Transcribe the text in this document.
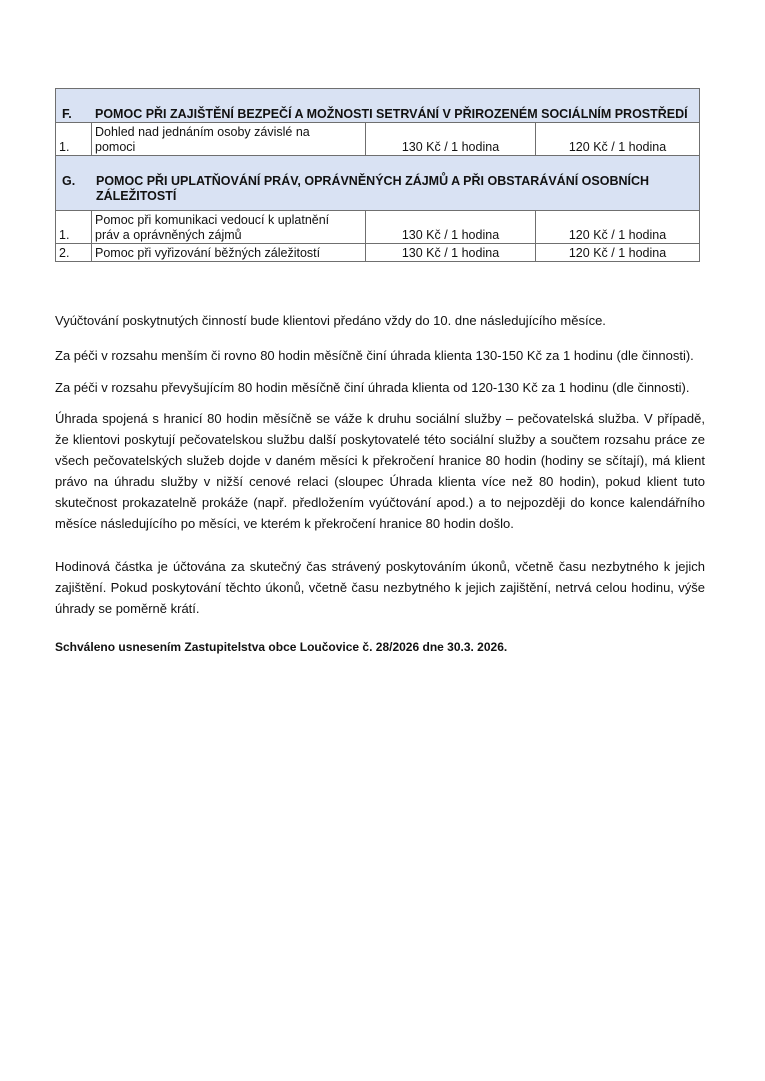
F. POMOC PŘI ZAJIŠTĚNÍ BEZPEČÍ A MOŽNOSTI SETRVÁNÍ V PŘIROZENÉM SOCIÁLNÍM PROSTŘEDÍ			

1.	Dohled nad jednáním osoby závislé na
pomoci	130 Kč / 1 hodina	120 Kč / 1 hodina

G. POMOC PŘI UPLATŇOVÁNÍ PRÁV, OPRÁVNĚNÝCH ZÁJMŮ A PŘI OBSTARÁVÁNÍ OSOBNÍCH ZÁLEŽITOSTÍ			

1.	Pomoc při komunikaci vedoucí k uplatnění
práv a oprávněných zájmů	130 Kč / 1 hodina	120 Kč / 1 hodina
2.	Pomoc při vyřizování běžných záležitostí	130 Kč / 1 hodina	120 Kč / 1 hodina

Vyúčtování poskytnutých činností bude klientovi předáno vždy do 10. dne následujícího měsíce.

Za péči v rozsahu menším či rovno 80 hodin měsíčně činí úhrada klienta 130-150 Kč za 1 hodinu (dle činnosti).

Za péči v rozsahu převyšujícím 80 hodin měsíčně činí úhrada klienta od 120-130 Kč za 1 hodinu (dle činnosti).

Úhrada spojená s hranicí 80 hodin měsíčně se váže k druhu sociální služby – pečovatelská služba. V případě, že klientovi poskytují pečovatelskou službu další poskytovatelé této sociální služby a součtem rozsahu práce ze všech pečovatelských služeb dojde v daném měsíci k překročení hranice 80 hodin (hodiny se sčítají), má klient právo na úhradu služby v nižší cenové relaci (sloupec Úhrada klienta více než 80 hodin), pokud klient tuto skutečnost prokazatelně prokáže (např. předložením vyúčtování apod.) a to nejpozději do konce kalendářního měsíce následujícího po měsíci, ve kterém k překročení hranice 80 hodin došlo.

Hodinová částka je účtována za skutečný čas strávený poskytováním úkonů, včetně času nezbytného k jejich zajištění. Pokud poskytování těchto úkonů, včetně času nezbytného k jejich zajištění, netrvá celou hodinu, výše úhrady se poměrně krátí.

Schváleno usnesením Zastupitelstva obce Loučovice č. 28/2026 dne 30.3. 2026.
